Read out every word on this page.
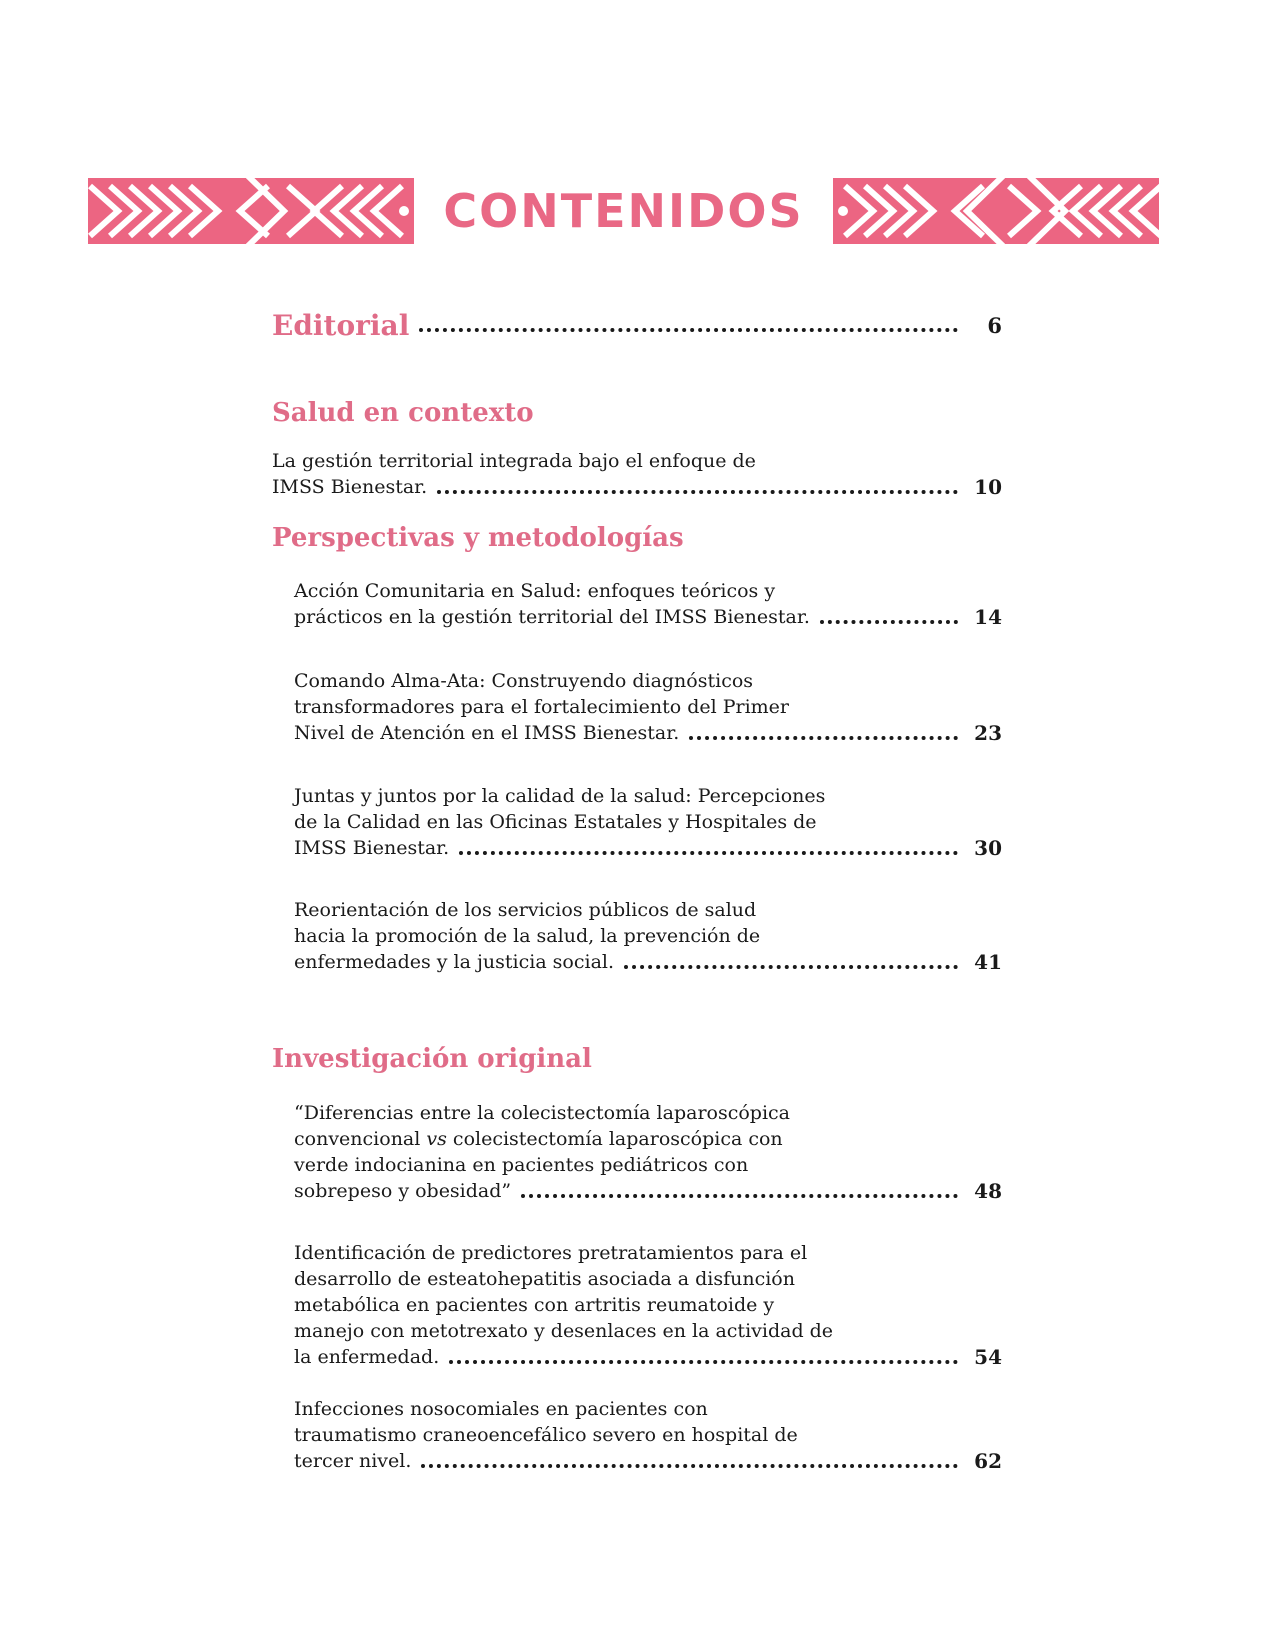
CONTENIDOS
Editorial	6
Salud en contexto
La gestión territorial integrada bajo el enfoque de
IMSS Bienestar.	10
Perspectivas y metodologías
Acción Comunitaria en Salud: enfoques teóricos y
prácticos en la gestión territorial del IMSS Bienestar.	14
Comando Alma-Ata: Construyendo diagnósticos
transformadores para el fortalecimiento del Primer
Nivel de Atención en el IMSS Bienestar.	23
Juntas y juntos por la calidad de la salud: Percepciones
de la Calidad en las Oficinas Estatales y Hospitales de
IMSS Bienestar.	30
Reorientación de los servicios públicos de salud
hacia la promoción de la salud, la prevención de
enfermedades y la justicia social.	41
Investigación original
“Diferencias entre la colecistectomía laparoscópica
convencional vs colecistectomía laparoscópica con
verde indocianina en pacientes pediátricos con
sobrepeso y obesidad”	48
Identificación de predictores pretratamientos para el
desarrollo de esteatohepatitis asociada a disfunción
metabólica en pacientes con artritis reumatoide y
manejo con metotrexato y desenlaces en la actividad de
la enfermedad.	54
Infecciones nosocomiales en pacientes con
traumatismo craneoencefálico severo en hospital de
tercer nivel.	62
